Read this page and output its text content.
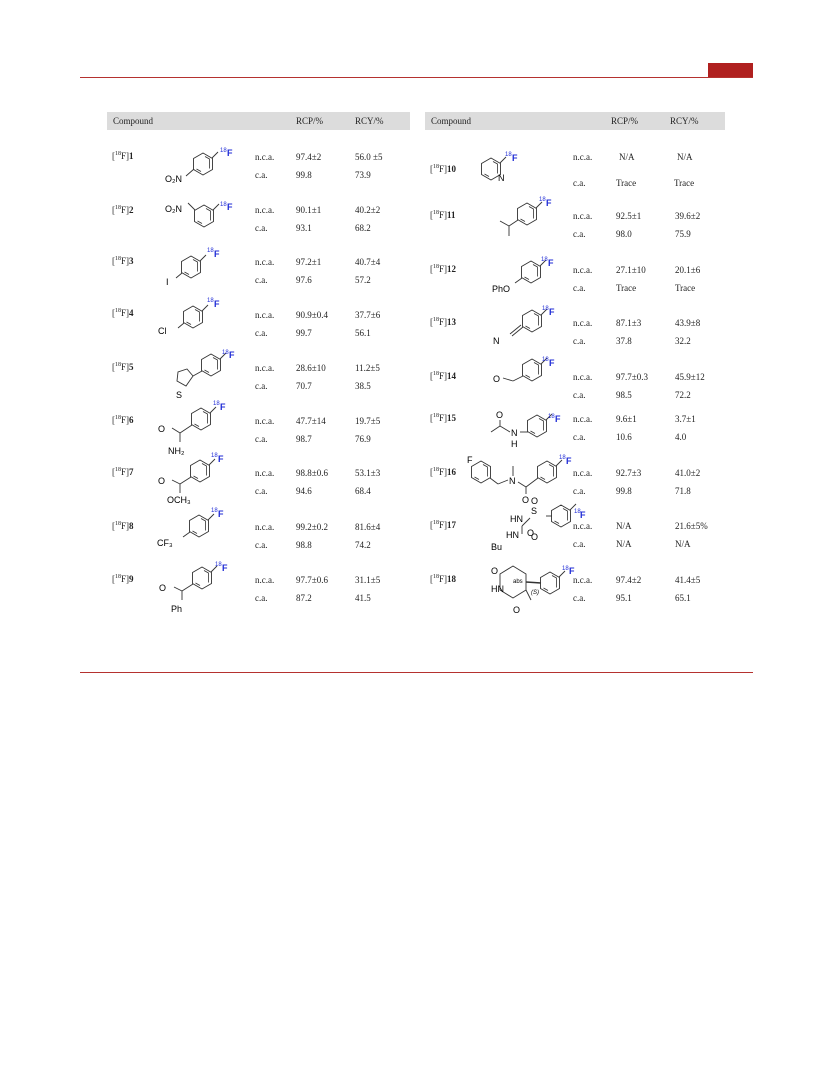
Compound	RCP/%	RCY/%	Compound	RCP/%	RCY/%
[$^{18}$F]1	n.c.a. 97.4±2	56.0 ±5
c.a.	99.8	73.9
[$^{18}$F]2	n.c.a. 90.1±1	40.2±2
c.a.	93.1	68.2
[$^{18}$F]3	n.c.a. 97.2±1	40.7±4
c.a.	97.6	57.2
[$^{18}$F]4	n.c.a. 90.9±0.4	37.7±6
c.a.	99.7	56.1
[$^{18}$F]5	n.c.a. 28.6±10	11.2±5
c.a.	70.7	38.5
[$^{18}$F]6	n.c.a. 47.7±14	19.7±5
c.a.	98.7	76.9
[$^{18}$F]7	n.c.a. 98.8±0.6	53.1±3
c.a.	94.6	68.4
[$^{18}$F]8	n.c.a. 99.2±0.2	81.6±4
c.a.	98.8	74.2
[$^{18}$F]9	n.c.a. 97.7±0.6	31.1±5
c.a.	87.2	41.5
[$^{18}$F]10
n.c.a.	N/A	N/A
c.a.	Trace	Trace
[$^{18}$F]11	n.c.a.	92.5±1	39.6±2
c.a.	98.0	75.9
[$^{18}$F]12	n.c.a.	27.1±10	20.1±6
c.a.	Trace	Trace
[$^{18}$F]13	n.c.a.	87.1±3	43.9±8
c.a.	37.8	32.2
[$^{18}$F]14	n.c.a.	97.7±0.3	45.9±12
c.a.	98.5	72.2
[$^{18}$F]15	n.c.a.	9.6±1	3.7±1
c.a.	10.6	4.0
[$^{18}$F]16	n.c.a.	92.7±3	41.0±2
c.a.	99.8	71.8
[$^{18}$F]17	n.c.a.	N/A	21.6±5%
c.a.	N/A	N/A
[$^{18}$F]18	n.c.a.	97.4±2	41.4±5
c.a.	95.1	65.1
O₂N
18 F
O₂N	18 F
I
18 F
Cl
18 F
S
18 F
O
NH₂
18 F
O
OCH₃
18 F
CF₃
18 F
O
Ph
18 F
N
18 F
18 F
PhO
18 F
N
18 F
O
18 F
O
N
H
18 F
F
N
O
18 F
HN
S
O
O
HN O
Bu
18 F
O
HN
O
abs
(S)
18 F
